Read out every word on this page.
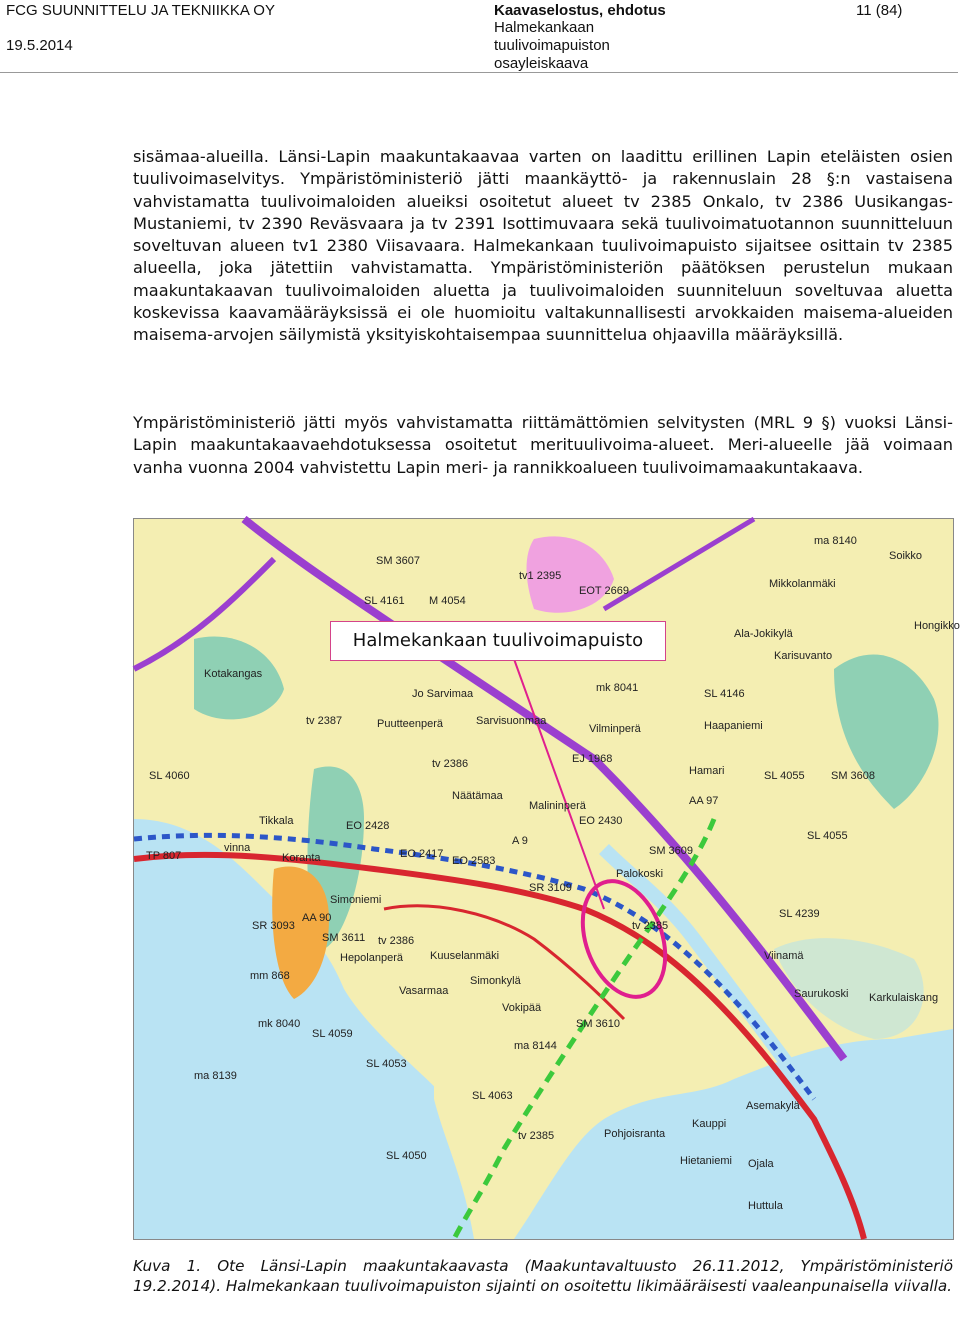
FCG SUUNNITTELU JA TEKNIIKKA OY
19.5.2014
Kaavaselostus, ehdotus
Halmekankaan
tuulivoimapuiston
osayleiskaava
11 (84)

sisämaa-alueilla. Länsi-Lapin maakuntakaavaa varten on laadittu erillinen Lapin eteläisten osien tuulivoimaselvitys. Ympäristöministeriö jätti maankäyttö- ja rakennuslain 28 §:n vastaisena vahvistamatta tuulivoimaloiden alueiksi osoitetut alueet tv 2385 Onkalo, tv 2386 Uusikangas-Mustaniemi, tv 2390 Reväsvaara ja tv 2391 Isottimuvaara sekä tuulivoimatuotannon suunnitteluun soveltuvan alueen tv1 2380 Viisavaara. Halmekankaan tuulivoimapuisto sijaitsee osittain tv 2385 alueella, joka jätettiin vahvistamatta. Ympäristöministeriön päätöksen perustelun mukaan maakuntakaavan tuulivoimaloiden aluetta ja tuulivoimaloiden suunniteluun soveltuvaa aluetta koskevissa kaavamääräyksissä ei ole huomioitu valtakunnallisesti arvokkaiden maisema-alueiden maisema-arvojen säilymistä yksityiskohtaisempaa suunnittelua ohjaavilla määräyksillä.

Ympäristöministeriö jätti myös vahvistamatta riittämättömien selvitysten (MRL 9 §) vuoksi Länsi-Lapin maakuntakaavaehdotuksessa osoitetut merituulivoima-alueet. Meri-alueelle jää voimaan vanha vuonna 2004 vahvistettu Lapin meri- ja rannikkoalueen tuulivoimamaakuntakaava.

SM 3607
SL 4161 M 4054
tv1 2395
EOT 2669
ma 8140
Soikko
Mikkolanmäki
Hongikko
Ala-Jokikylä
Karisuvanto
Kotakangas
mk 8041	SL 4146
Haapaniemi
Jo Sarvimaa
tv 2387	Puutteenperä	Sarvisuonmaa
Vilminperä
Hamari	SL 4055 SM 3608
SL 4060
tv 2386	EJ 1968
AA 97
Näätämaa
Malininperä
Tikkala	EO 2428	EO 2430
SL 4055
vinna
Koranta	EO 2417
EO 2583
A 9
SM 3609
Palokoski
TP 807
SL 4239
SR 3109
tv 2385
Simoniemi
SR 3093
AA 90
SM 3611 tv 2386
Kuuselanmäki
Hepolanperä	Viinamä
Karkulaiskang
mm 868
Vasarmaa
Simonkylä
Saurukoski
mk 8040
Vokipää
SM 3610
SL 4059
ma 8144
SL 4053
ma 8139
Asemakylä
SL 4063
Kauppi
Pohjoisranta
tv 2385
SL 4050	Hietaniemi Ojala
Huttula
Halmekankaan tuulivoimapuisto

Kuva 1. Ote Länsi-Lapin maakuntakaavasta (Maakuntavaltuusto 26.11.2012, Ympäristöministeriö 19.2.2014). Halmekankaan tuulivoimapuiston sijainti on osoitettu likimääräisesti vaaleanpunaisella viivalla.
